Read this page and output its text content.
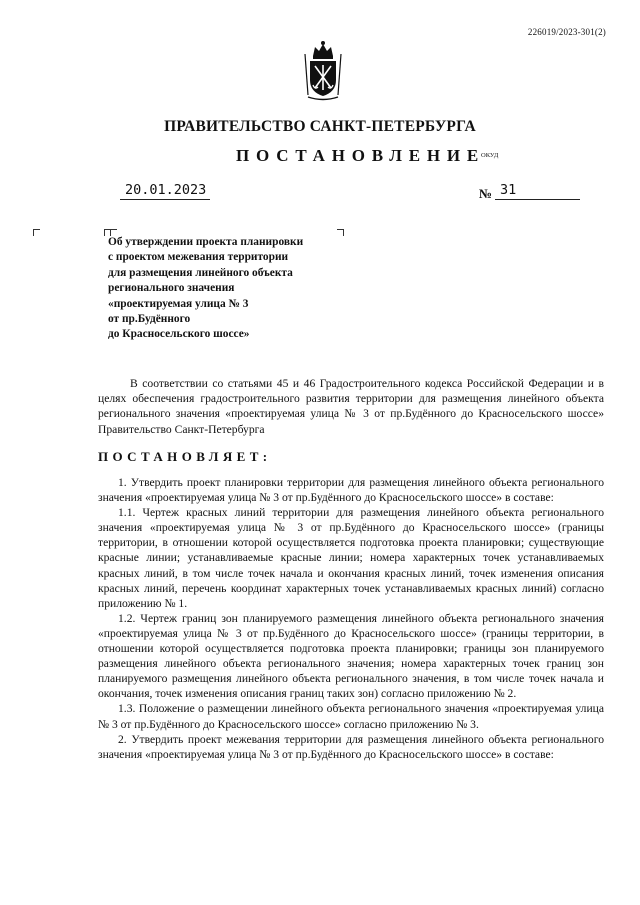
226019/2023-301(2)
ПРАВИТЕЛЬСТВО САНКТ-ПЕТЕРБУРГА
ПОСТАНОВЛЕНИЕ
ОКУД
20.01.2023	№ 31
Об утверждении проекта планировки
с проектом межевания территории
для размещения линейного объекта
регионального значения
«проектируемая улица № 3
от пр.Будённого
до Красносельского шоссе»
В соответствии со статьями 45 и 46 Градостроительного кодекса Российской Федерации и в целях обеспечения градостроительного развития территории для размещения линейного объекта регионального значения «проектируемая улица № 3 от пр.Будённого до Красносельского шоссе» Правительство Санкт-Петербурга
ПОСТАНОВЛЯЕТ:

1. Утвердить проект планировки территории для размещения линейного объекта регионального значения «проектируемая улица № 3 от пр.Будённого до Красносельского шоссе» в составе:

1.1. Чертеж красных линий территории для размещения линейного объекта регионального значения «проектируемая улица № 3 от пр.Будённого до Красносельского шоссе» (границы территории, в отношении которой осуществляется подготовка проекта планировки; существующие красные линии; устанавливаемые красные линии; номера характерных точек устанавливаемых красных линий, в том числе точек начала и окончания красных линий, точек изменения описания красных линий, перечень координат характерных точек устанавливаемых красных линий) согласно приложению № 1.

1.2. Чертеж границ зон планируемого размещения линейного объекта регионального значения «проектируемая улица № 3 от пр.Будённого до Красносельского шоссе» (границы территории, в отношении которой осуществляется подготовка проекта планировки; границы зон планируемого размещения линейного объекта регионального значения; номера характерных точек границ зон планируемого размещения линейного объекта регионального значения, в том числе точек начала и окончания, точек изменения описания границ таких зон) согласно приложению № 2.

1.3. Положение о размещении линейного объекта регионального значения «проектируемая улица № 3 от пр.Будённого до Красносельского шоссе» согласно приложению № 3.

2. Утвердить проект межевания территории для размещения линейного объекта регионального значения «проектируемая улица № 3 от пр.Будённого до Красносельского шоссе» в составе:
